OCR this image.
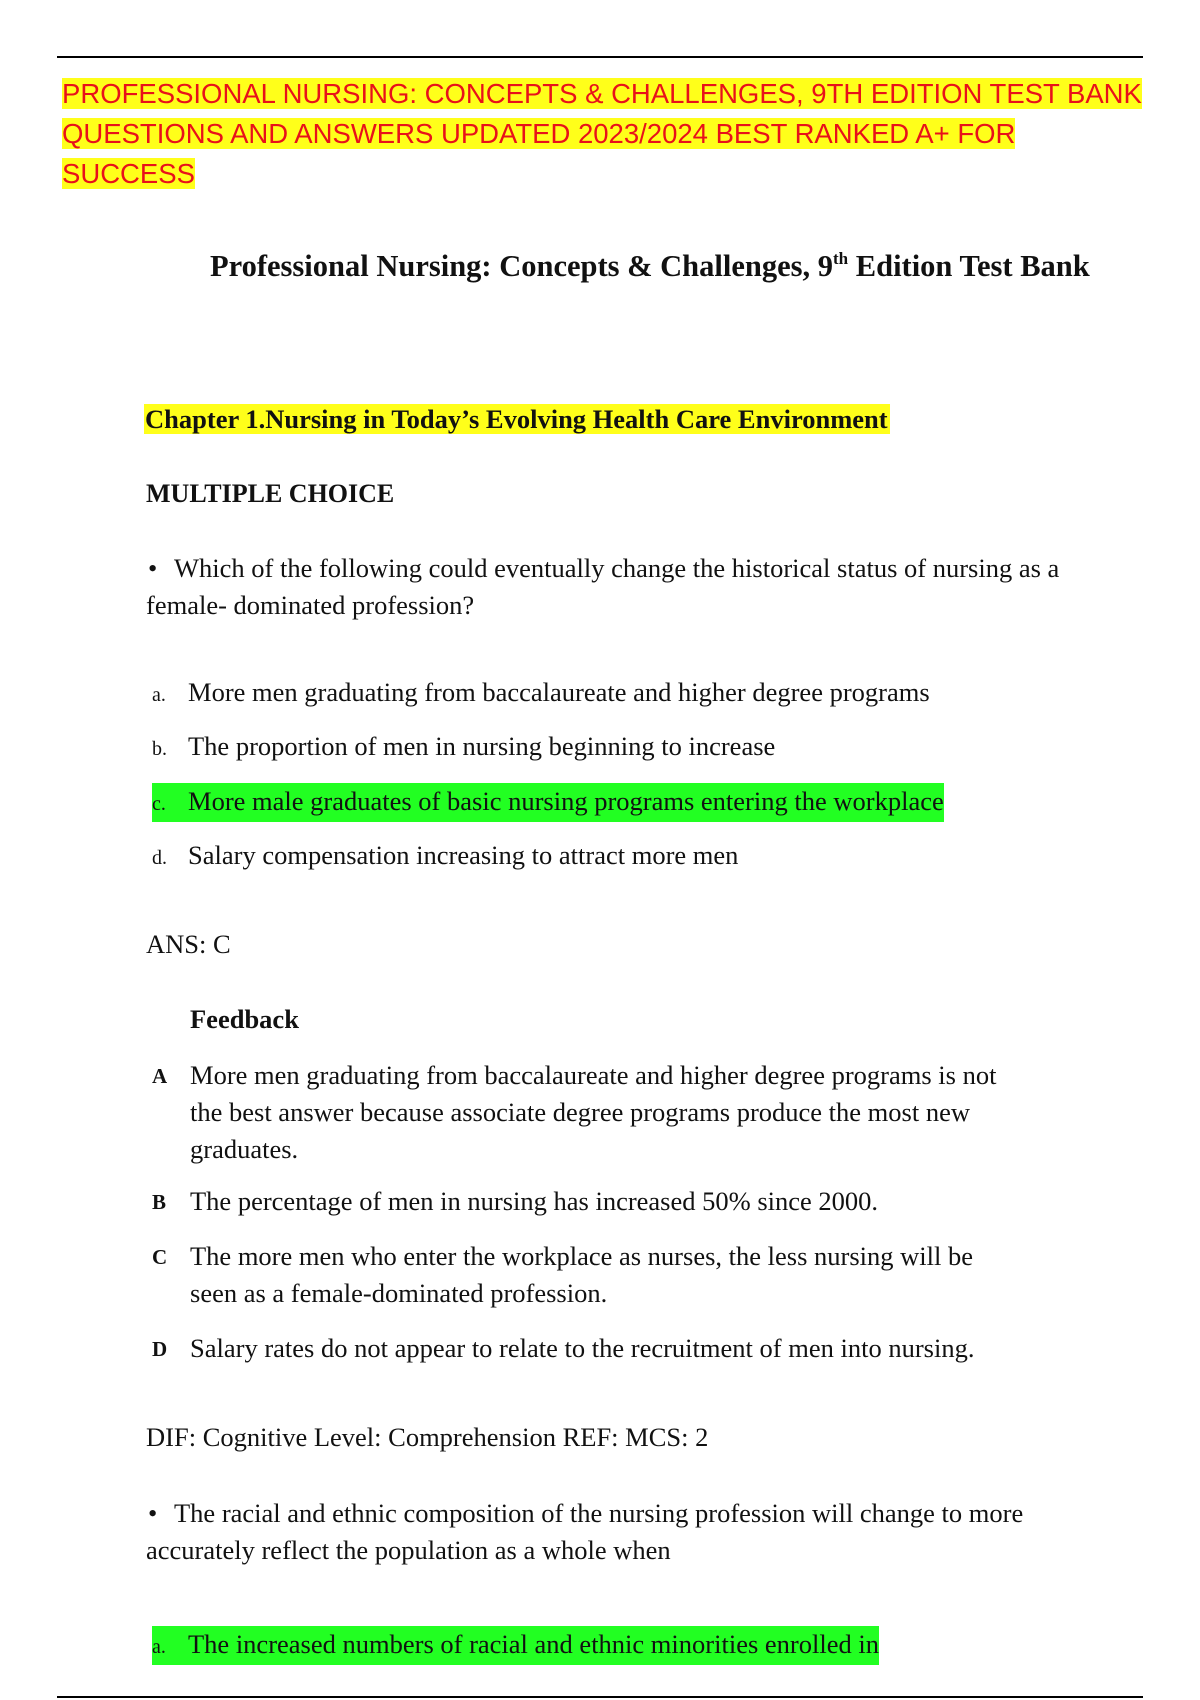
PROFESSIONAL NURSING: CONCEPTS & CHALLENGES, 9TH EDITION TEST BANK
QUESTIONS AND ANSWERS UPDATED 2023/2024 BEST RANKED A+ FOR
SUCCESS
Professional Nursing: Concepts & Challenges, 9th Edition Test Bank
Chapter 1.Nursing in Today’s Evolving Health Care Environment
MULTIPLE CHOICE
• Which of the following could eventually change the historical status of nursing as a female- dominated profession?
a. More men graduating from baccalaureate and higher degree programs
b. The proportion of men in nursing beginning to increase
c. More male graduates of basic nursing programs entering the workplace
d. Salary compensation increasing to attract more men
ANS: C
Feedback
A More men graduating from baccalaureate and higher degree programs is not the best answer because associate degree programs produce the most new graduates.
B The percentage of men in nursing has increased 50% since 2000.
C The more men who enter the workplace as nurses, the less nursing will be seen as a female-dominated profession.
D Salary rates do not appear to relate to the recruitment of men into nursing.
DIF: Cognitive Level: Comprehension REF: MCS: 2
• The racial and ethnic composition of the nursing profession will change to more accurately reflect the population as a whole when
a. The increased numbers of racial and ethnic minorities enrolled in
